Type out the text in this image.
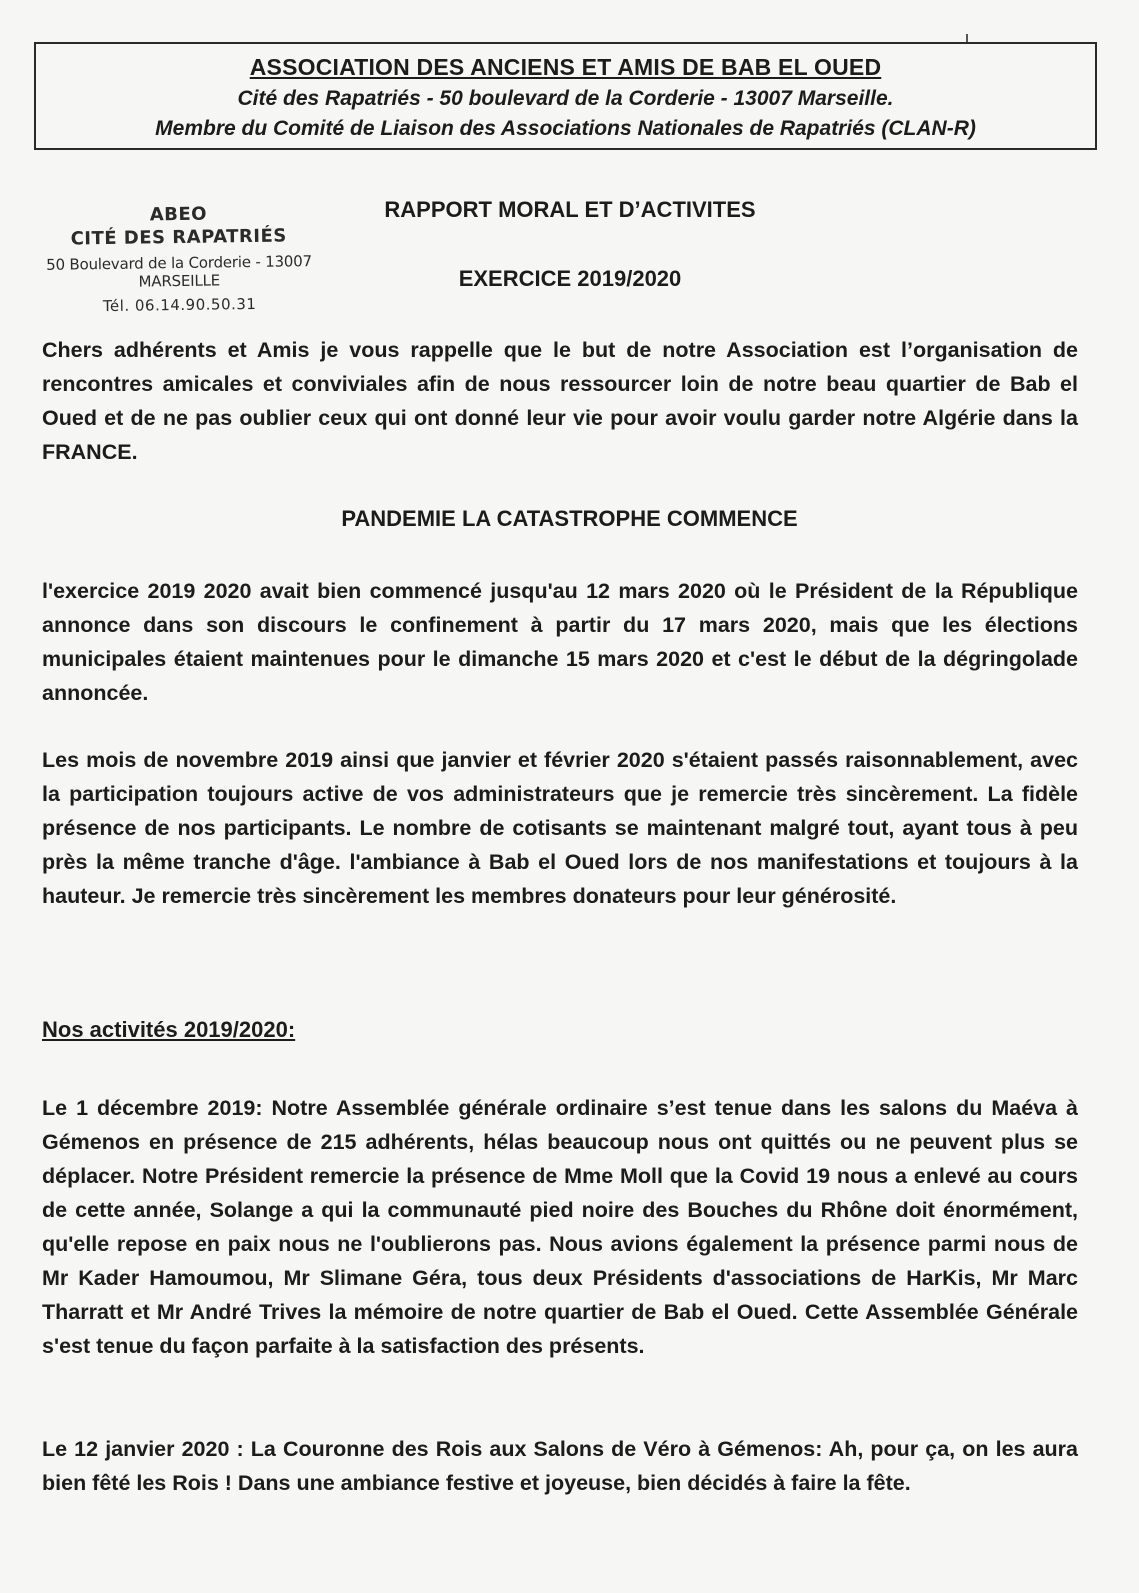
ASSOCIATION DES ANCIENS ET AMIS DE BAB EL OUED
Cité des Rapatriés - 50 boulevard de la Corderie - 13007 Marseille.
Membre du Comité de Liaison des Associations Nationales de Rapatriés (CLAN-R)
ABEO
CITÉ DES RAPATRIÉS
50 Boulevard de la Corderie - 13007 MARSEILLE
Tél. 06.14.90.50.31
RAPPORT MORAL ET D’ACTIVITES
EXERCICE 2019/2020
Chers adhérents et Amis je vous rappelle que le but de notre Association est l’organisation de rencontres amicales et conviviales afin de nous ressourcer loin de notre beau quartier de Bab el Oued et de ne pas oublier ceux qui ont donné leur vie pour avoir voulu garder notre Algérie dans la FRANCE.
PANDEMIE LA CATASTROPHE COMMENCE
l'exercice 2019 2020 avait bien commencé jusqu'au 12 mars 2020 où le Président de la République annonce dans son discours le confinement à partir du 17 mars 2020, mais que les élections municipales étaient maintenues pour le dimanche 15 mars 2020 et c'est le début de la dégringolade annoncée.
Les mois de novembre 2019 ainsi que janvier et février 2020 s'étaient passés raisonnablement, avec la participation toujours active de vos administrateurs que je remercie très sincèrement. La fidèle présence de nos participants. Le nombre de cotisants se maintenant malgré tout, ayant tous à peu près la même tranche d'âge. l'ambiance à Bab el Oued lors de nos manifestations et toujours à la hauteur. Je remercie très sincèrement les membres donateurs pour leur générosité.
Nos activités 2019/2020:
Le 1 décembre 2019: Notre Assemblée générale ordinaire s’est tenue dans les salons du Maéva à Gémenos en présence de 215 adhérents, hélas beaucoup nous ont quittés ou ne peuvent plus se déplacer. Notre Président remercie la présence de Mme Moll que la Covid 19 nous a enlevé au cours de cette année, Solange a qui la communauté pied noire des Bouches du Rhône doit énormément, qu'elle repose en paix nous ne l'oublierons pas. Nous avions également la présence parmi nous de Mr Kader Hamoumou, Mr Slimane Géra, tous deux Présidents d'associations de HarKis, Mr Marc Tharratt et Mr André Trives la mémoire de notre quartier de Bab el Oued. Cette Assemblée Générale s'est tenue du façon parfaite à la satisfaction des présents.
Le 12 janvier 2020 : La Couronne des Rois aux Salons de Véro à Gémenos: Ah, pour ça, on les aura bien fêté les Rois ! Dans une ambiance festive et joyeuse, bien décidés à faire la fête.
